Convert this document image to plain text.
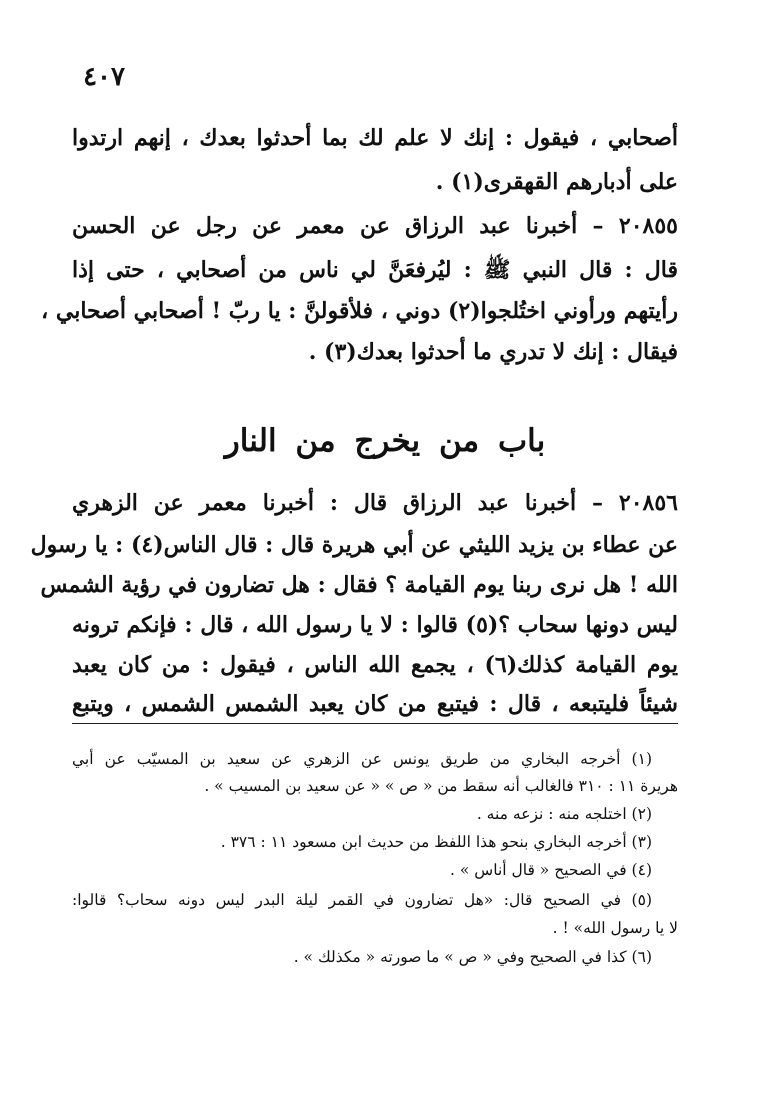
٤٠٧
أصحابي ، فيقول : إنك لا علم لك بما أحدثوا بعدك ، إنهم ارتدوا
على أدبارهم القهقرى(١) .
٢٠٨٥٥ – أخبرنا عبد الرزاق عن معمر عن رجل عن الحسن
قال : قال النبي ﷺ : ليُرفعَنَّ لي ناس من أصحابي ، حتى إذا
رأيتهم ورأوني اختُلجوا(٢) دوني ، فلأقولنَّ : يا ربّ ! أصحابي أصحابي ،
فيقال : إنك لا تدري ما أحدثوا بعدك(٣) .
باب من يخرج من النار
٢٠٨٥٦ – أخبرنا عبد الرزاق قال : أخبرنا معمر عن الزهري
عن عطاء بن يزيد الليثي عن أبي هريرة قال : قال الناس(٤) : يا رسول
الله ! هل نرى ربنا يوم القيامة ؟ فقال : هل تضارون في رؤية الشمس
ليس دونها سحاب ؟(٥) قالوا : لا يا رسول الله ، قال : فإنكم ترونه
يوم القيامة كذلك(٦) ، يجمع الله الناس ، فيقول : من كان يعبد
شيئاً فليتبعه ، قال : فيتبع من كان يعبد الشمس الشمس ، ويتبع
(١) أخرجه البخاري من طريق يونس عن الزهري عن سعيد بن المسيّب عن أبي
هريرة ١١ : ٣١٠ فالغالب أنه سقط من « ص » « عن سعيد بن المسيب » .
(٢) اختلجه منه : نزعه منه .
(٣) أخرجه البخاري بنحو هذا اللفظ من حديث ابن مسعود ١١ : ٣٧٦ .
(٤) في الصحيح « قال أناس » .
(٥) في الصحيح قال: «هل تضارون في القمر ليلة البدر ليس دونه سحاب؟ قالوا:
لا يا رسول الله» ! .
(٦) كذا في الصحيح وفي « ص » ما صورته « مكذلك » .
